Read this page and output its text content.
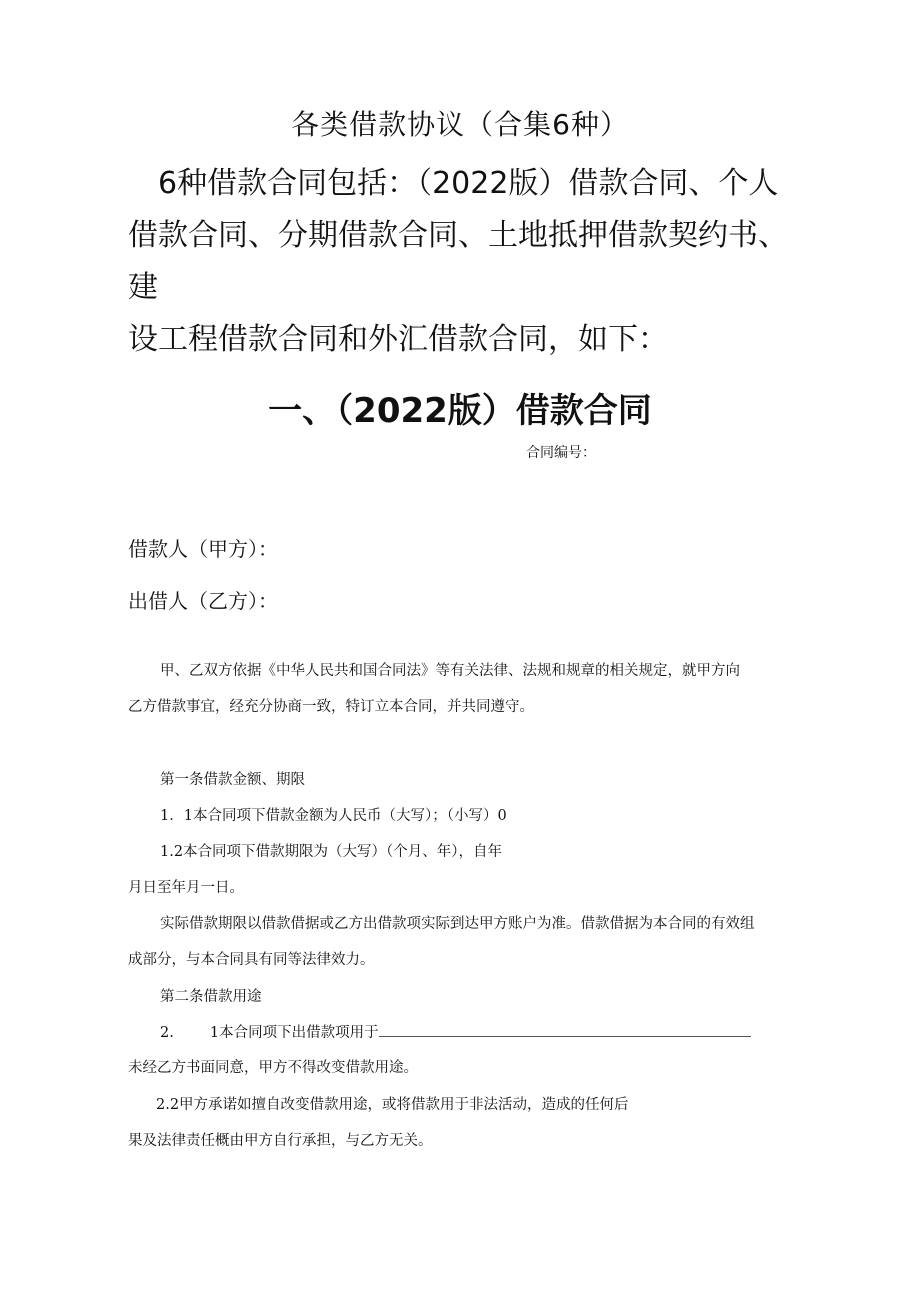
各类借款协议（合集6种）
6种借款合同包括：（2022版）借款合同、个人
借款合同、分期借款合同、土地抵押借款契约书、建
设工程借款合同和外汇借款合同，如下：
一、（2022版）借款合同
合同编号：
借款人（甲方）：
出借人（乙方）：
甲、乙双方依据《中华人民共和国合同法》等有关法律、法规和规章的相关规定，就甲方向
乙方借款事宜，经充分协商一致，特订立本合同，并共同遵守。
第一条借款金额、期限
1．1本合同项下借款金额为人民币（大写）；（小写）0
1.2本合同项下借款期限为（大写）（个月、年），自年
月日至年月一日。
实际借款期限以借款借据或乙方出借款项实际到达甲方账户为准。借款借据为本合同的有效组
成部分，与本合同具有同等法律效力。
第二条借款用途
2. 1本合同项下出借款项用于
未经乙方书面同意，甲方不得改变借款用途。
2.2甲方承诺如擅自改变借款用途，或将借款用于非法活动，造成的任何后
果及法律责任概由甲方自行承担，与乙方无关。
